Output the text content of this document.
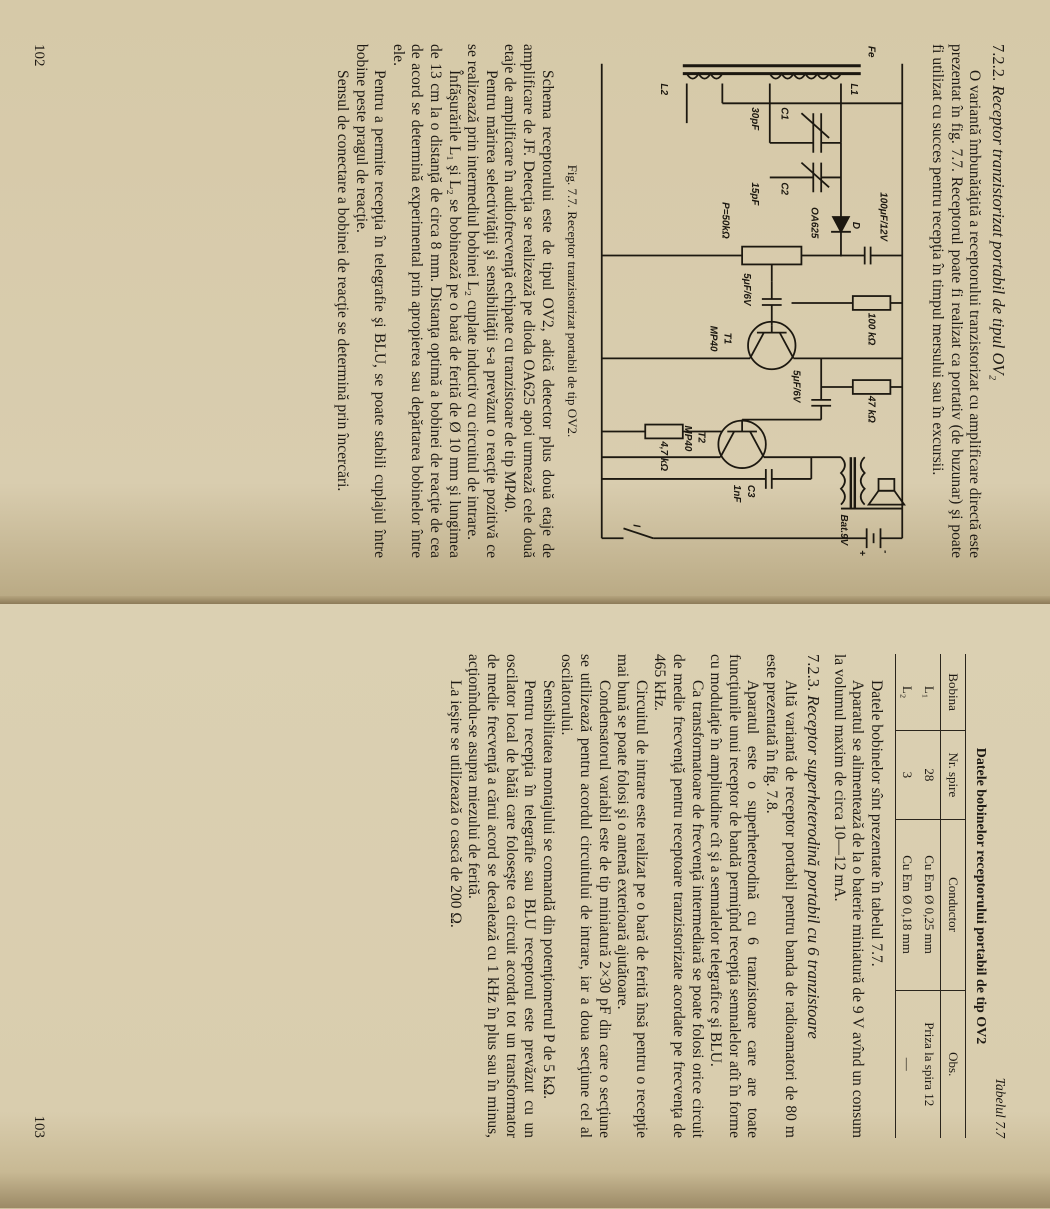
7.2.2. Receptor tranzistorizat portabil de tipul OV₂

O variantă îmbunătăţită a receptorului tranzistorizat cu amplificare directă este prezentat în fig. 7.7. Receptorul poate fi realizat ca portativ (de buzunar) şi poate fi utilizat cu succes pentru recepţia în timpul mersului sau în excursii.

Fe
L1
L2
C1
30pF
C2
15pF
OA625	D
P=50kΩ	100μF/12V
100 kΩ
5μF/6V
T1
MP40
47 kΩ
5μF/6V
4,7 kΩ
T2
MP40
C3
1nF
Bat.9V
I
-
+
Fig. 7.7. Receptor tranzistorizat portabil de tip OV2.

Schema receptorului este de tipul OV2, adică detector plus două etaje de amplificare de JF. Detecţia se realizează pe dioda OA625 apoi urmează cele două etaje de amplificare în audiofrecvenţă echipate cu tranzistoare de tip MP40.

Pentru mărirea selectivităţii şi sensibilităţii s-a prevăzut o reacţie pozitivă ce se realizează prin intermediul bobinei L₂ cuplate inductiv cu circuitul de intrare.

Înfăşurările L₁ şi L₂ se bobinează pe o bară de ferită de Ø 10 mm şi lungimea de 13 cm la o distanţă de circa 8 mm. Distanţa optimă a bobinei de reacţie de cea de acord se determină experimental prin apropierea sau depărtarea bobinelor între ele.

Pentru a permite recepţia în telegrafie şi BLU, se poate stabili cuplajul între bobine peste pragul de reacţie.

Sensul de conectare a bobinei de reacţie se determină prin încercări.

102
Tabelul 7.7
Datele bobinelor receptorului portabil de tip OV2
Bobina	Nr. spire	Conductor	Obs.
L₁	28	Cu Em Ø 0,25 mm	Priza la spira 12
L₂	3	Cu Em Ø 0,18 mm	—

Datele bobinelor sînt prezentate în tabelul 7.7.

Aparatul se alimentează de la o baterie miniatură de 9 V avînd un consum la volumul maxim de circa 10—12 mA.

7.2.3. Receptor superheterodină portabil cu 6 tranzistoare

Altă variantă de receptor portabil pentru banda de radioamatori de 80 m este prezentată în fig. 7.8.

Aparatul este o superheterodină cu 6 tranzistoare care are toate funcţiunile unui receptor de bandă permiţînd recepţia semnalelor atît în forme cu modulaţie în amplitudine cît şi a semnalelor telegrafice şi BLU.

Ca transformatoare de frecvenţă intermediară se poate folosi orice circuit de medie frecvenţă pentru receptoare tranzistorizate acordate pe frecvenţa de 465 kHz.

Circuitul de intrare este realizat pe o bară de ferită însă pentru o recepţie mai bună se poate folosi şi o antenă exterioară ajutătoare.

Condensatorul variabil este de tip miniatură 2×30 pF din care o secţiune se utilizează pentru acordul circuitului de intrare, iar a doua secţiune cel al oscilatorului.

Sensibilitatea montajului se comandă din potenţiometrul P de 5 kΩ.

Pentru recepţia în telegrafie sau BLU receptorul este prevăzut cu un oscilator local de bătăi care foloseşte ca circuit acordat tot un transformator de medie frecvenţă a cărui acord se decalează cu 1 kHz în plus sau în minus, acţionîndu-se asupra miezului de ferită.

La ieşire se utilizează o cască de 200 Ω.

103
